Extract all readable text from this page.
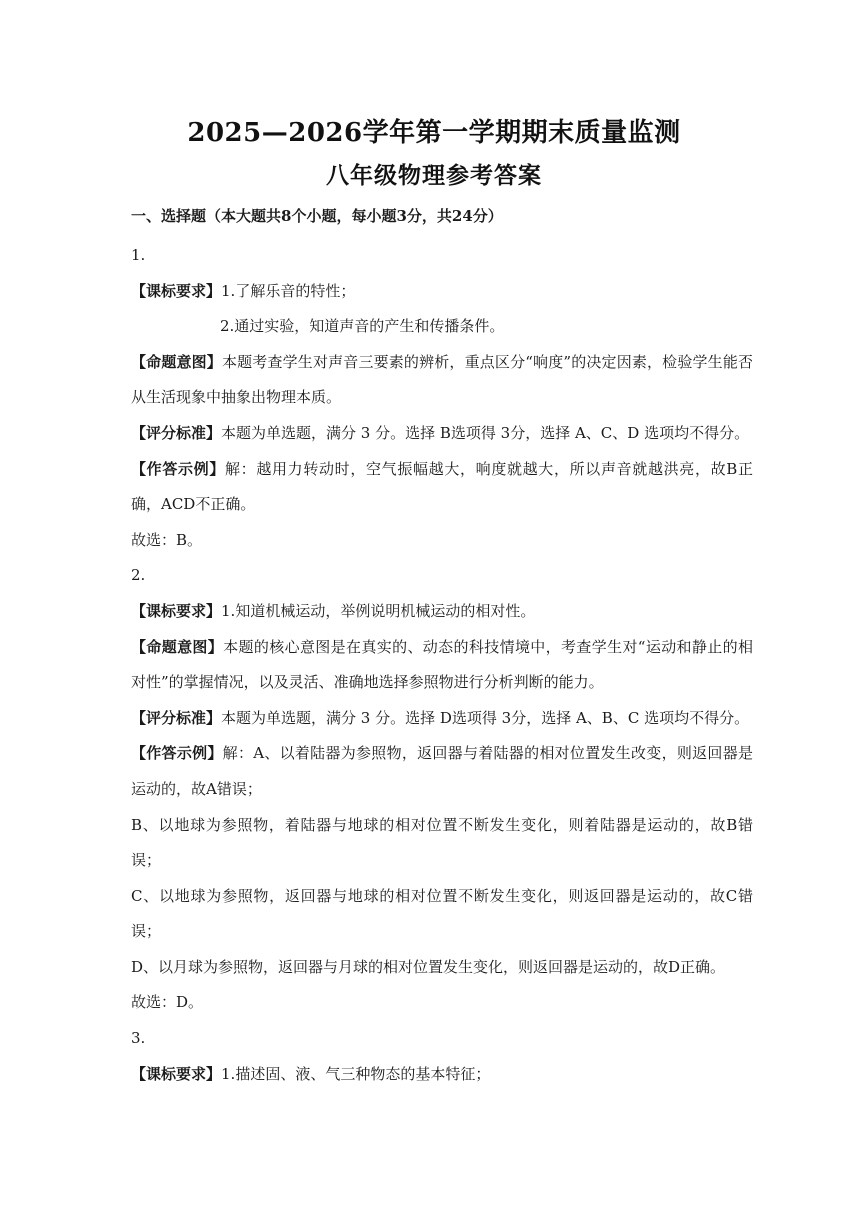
2025—2026学年第一学期期末质量监测
八年级物理参考答案
一、选择题（本大题共8个小题，每小题3分，共24分）

1.

【课标要求】1.了解乐音的特性；

2.通过实验，知道声音的产生和传播条件。

【命题意图】本题考查学生对声音三要素的辨析，重点区分“响度”的决定因素，检验学生能否从生活现象中抽象出物理本质。

【评分标准】本题为单选题，满分 3 分。选择 B选项得 3分，选择 A、C、D 选项均不得分。

【作答示例】解：越用力转动时，空气振幅越大，响度就越大，所以声音就越洪亮，故B正确，ACD不正确。

故选：B。

2.

【课标要求】1.知道机械运动，举例说明机械运动的相对性。

【命题意图】本题的核心意图是在真实的、动态的科技情境中，考查学生对“运动和静止的相对性”的掌握情况，以及灵活、准确地选择参照物进行分析判断的能力。

【评分标准】本题为单选题，满分 3 分。选择 D选项得 3分，选择 A、B、C 选项均不得分。

【作答示例】解：A、以着陆器为参照物，返回器与着陆器的相对位置发生改变，则返回器是运动的，故A错误；

B、以地球为参照物，着陆器与地球的相对位置不断发生变化，则着陆器是运动的，故B错误；

C、以地球为参照物，返回器与地球的相对位置不断发生变化，则返回器是运动的，故C错误；

D、以月球为参照物，返回器与月球的相对位置发生变化，则返回器是运动的，故D正确。

故选：D。

3.

【课标要求】1.描述固、液、气三种物态的基本特征；
